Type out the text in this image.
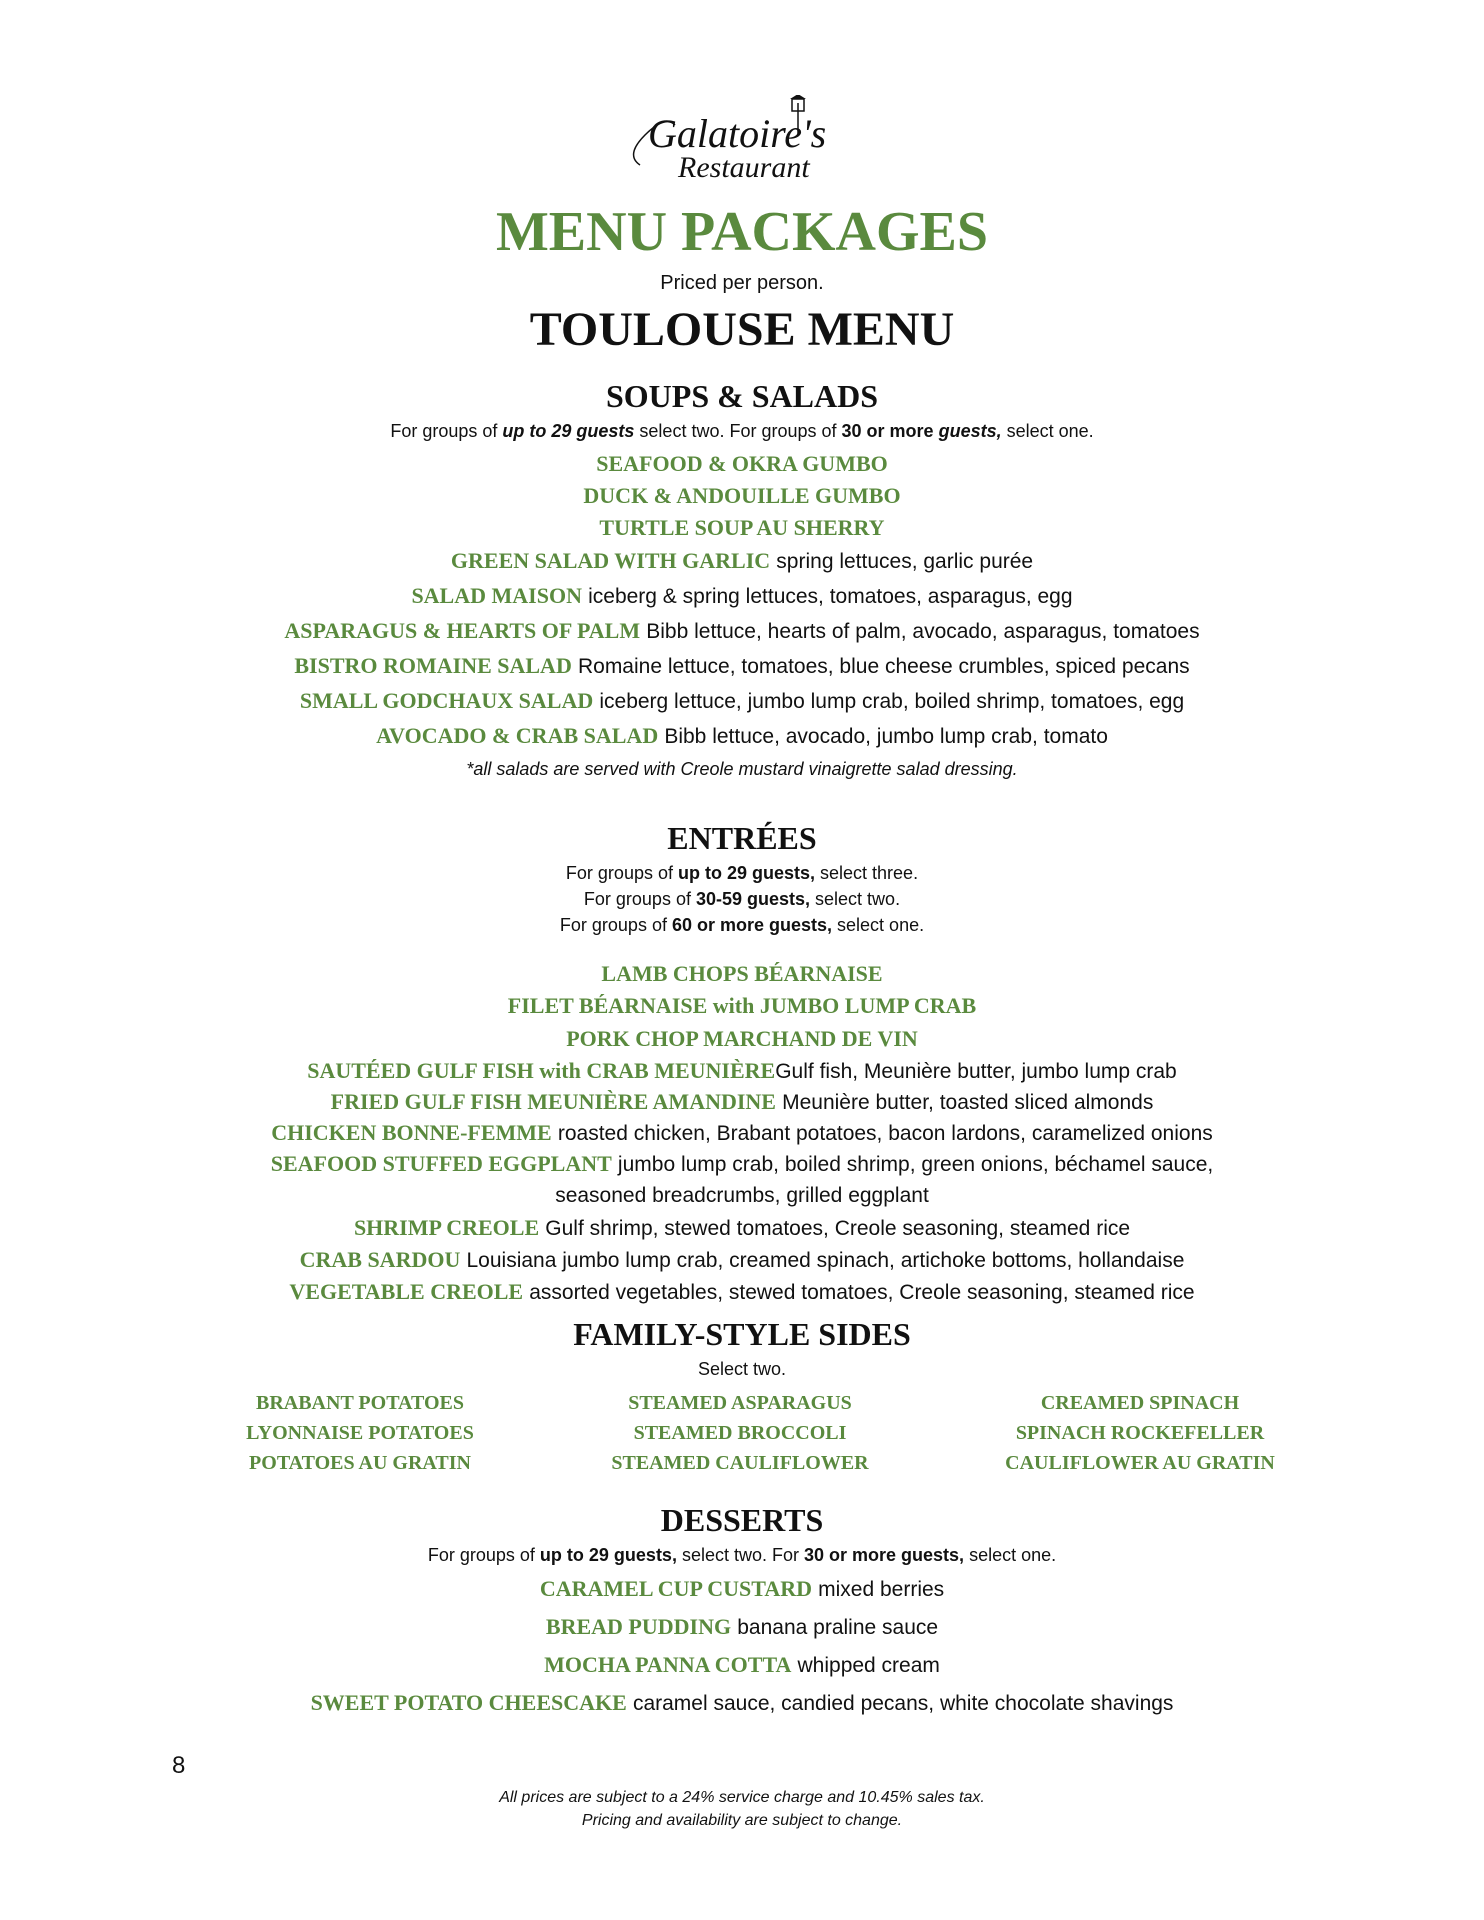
Galatoire's
Restaurant
MENU PACKAGES
Priced per person.
TOULOUSE MENU
SOUPS & SALADS
For groups of up to 29 guests select two. For groups of 30 or more guests, select one.
SEAFOOD & OKRA GUMBO
DUCK & ANDOUILLE GUMBO
TURTLE SOUP AU SHERRY
GREEN SALAD WITH GARLIC spring lettuces, garlic purée
SALAD MAISON iceberg & spring lettuces, tomatoes, asparagus, egg
ASPARAGUS & HEARTS OF PALM Bibb lettuce, hearts of palm, avocado, asparagus, tomatoes
BISTRO ROMAINE SALAD Romaine lettuce, tomatoes, blue cheese crumbles, spiced pecans
SMALL GODCHAUX SALAD iceberg lettuce, jumbo lump crab, boiled shrimp, tomatoes, egg
AVOCADO & CRAB SALAD Bibb lettuce, avocado, jumbo lump crab, tomato
*all salads are served with Creole mustard vinaigrette salad dressing.
ENTRÉES
For groups of up to 29 guests, select three.
For groups of 30-59 guests, select two.
For groups of 60 or more guests, select one.
LAMB CHOPS BÉARNAISE
FILET BÉARNAISE with JUMBO LUMP CRAB
PORK CHOP MARCHAND DE VIN
SAUTÉED GULF FISH with CRAB MEUNIÈREGulf fish, Meunière butter, jumbo lump crab
FRIED GULF FISH MEUNIÈRE AMANDINE Meunière butter, toasted sliced almonds
CHICKEN BONNE-FEMME roasted chicken, Brabant potatoes, bacon lardons, caramelized onions
SEAFOOD STUFFED EGGPLANT jumbo lump crab, boiled shrimp, green onions, béchamel sauce,
seasoned breadcrumbs, grilled eggplant
SHRIMP CREOLE Gulf shrimp, stewed tomatoes, Creole seasoning, steamed rice
CRAB SARDOU Louisiana jumbo lump crab, creamed spinach, artichoke bottoms, hollandaise
VEGETABLE CREOLE assorted vegetables, stewed tomatoes, Creole seasoning, steamed rice
FAMILY-STYLE SIDES
Select two.
BRABANT POTATOES
LYONNAISE POTATOES
POTATOES AU GRATIN
STEAMED ASPARAGUS
STEAMED BROCCOLI
STEAMED CAULIFLOWER
CREAMED SPINACH
SPINACH ROCKEFELLER
CAULIFLOWER AU GRATIN
DESSERTS
For groups of up to 29 guests, select two. For 30 or more guests, select one.
CARAMEL CUP CUSTARD mixed berries
BREAD PUDDING banana praline sauce
MOCHA PANNA COTTA whipped cream
SWEET POTATO CHEESCAKE caramel sauce, candied pecans, white chocolate shavings
8
All prices are subject to a 24% service charge and 10.45% sales tax.
Pricing and availability are subject to change.
